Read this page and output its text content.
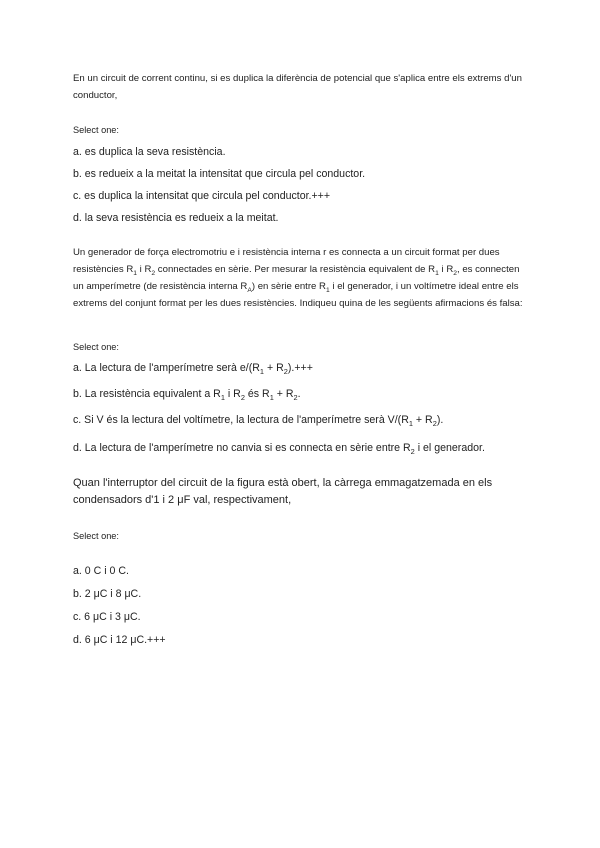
En un circuit de corrent continu, si es duplica la diferència de potencial que s'aplica entre els extrems d'un conductor,

Select one:

a. es duplica la seva resistència.

b. es redueix a la meitat la intensitat que circula pel conductor.

c. es duplica la intensitat que circula pel conductor.+++

d. la seva resistència es redueix a la meitat.

Un generador de força electromotriu e i resistència interna r es connecta a un circuit format per dues resistències $R_1$ i $R_2$ connectades en sèrie. Per mesurar la resistència equivalent de $R_1$ i $R_2$, es connecten un amperímetre (de resistència interna $R_A$) en sèrie entre $R_1$ i el generador, i un voltímetre ideal entre els extrems del conjunt format per les dues resistències. Indiqueu quina de les següents afirmacions és falsa:

Select one:

a. La lectura de l'amperímetre serà $e/(R_1 + R_2).+++$

b. La resistència equivalent a $R_1$ i $R_2$ és $R_1 + R_2$.

c. Si V és la lectura del voltímetre, la lectura de l'amperímetre serà $V/(R_1 + R_2)$.

d. La lectura de l'amperímetre no canvia si es connecta en sèrie entre $R_2$ i el generador.

Quan l'interruptor del circuit de la figura està obert, la càrrega emmagatzemada en els condensadors d'1 i 2 μF val, respectivament,

Select one:

a. 0 C i 0 C.

b. 2 μC i 8 μC.

c. 6 μC i 3 μC.

d. 6 μC i 12 μC.+++
